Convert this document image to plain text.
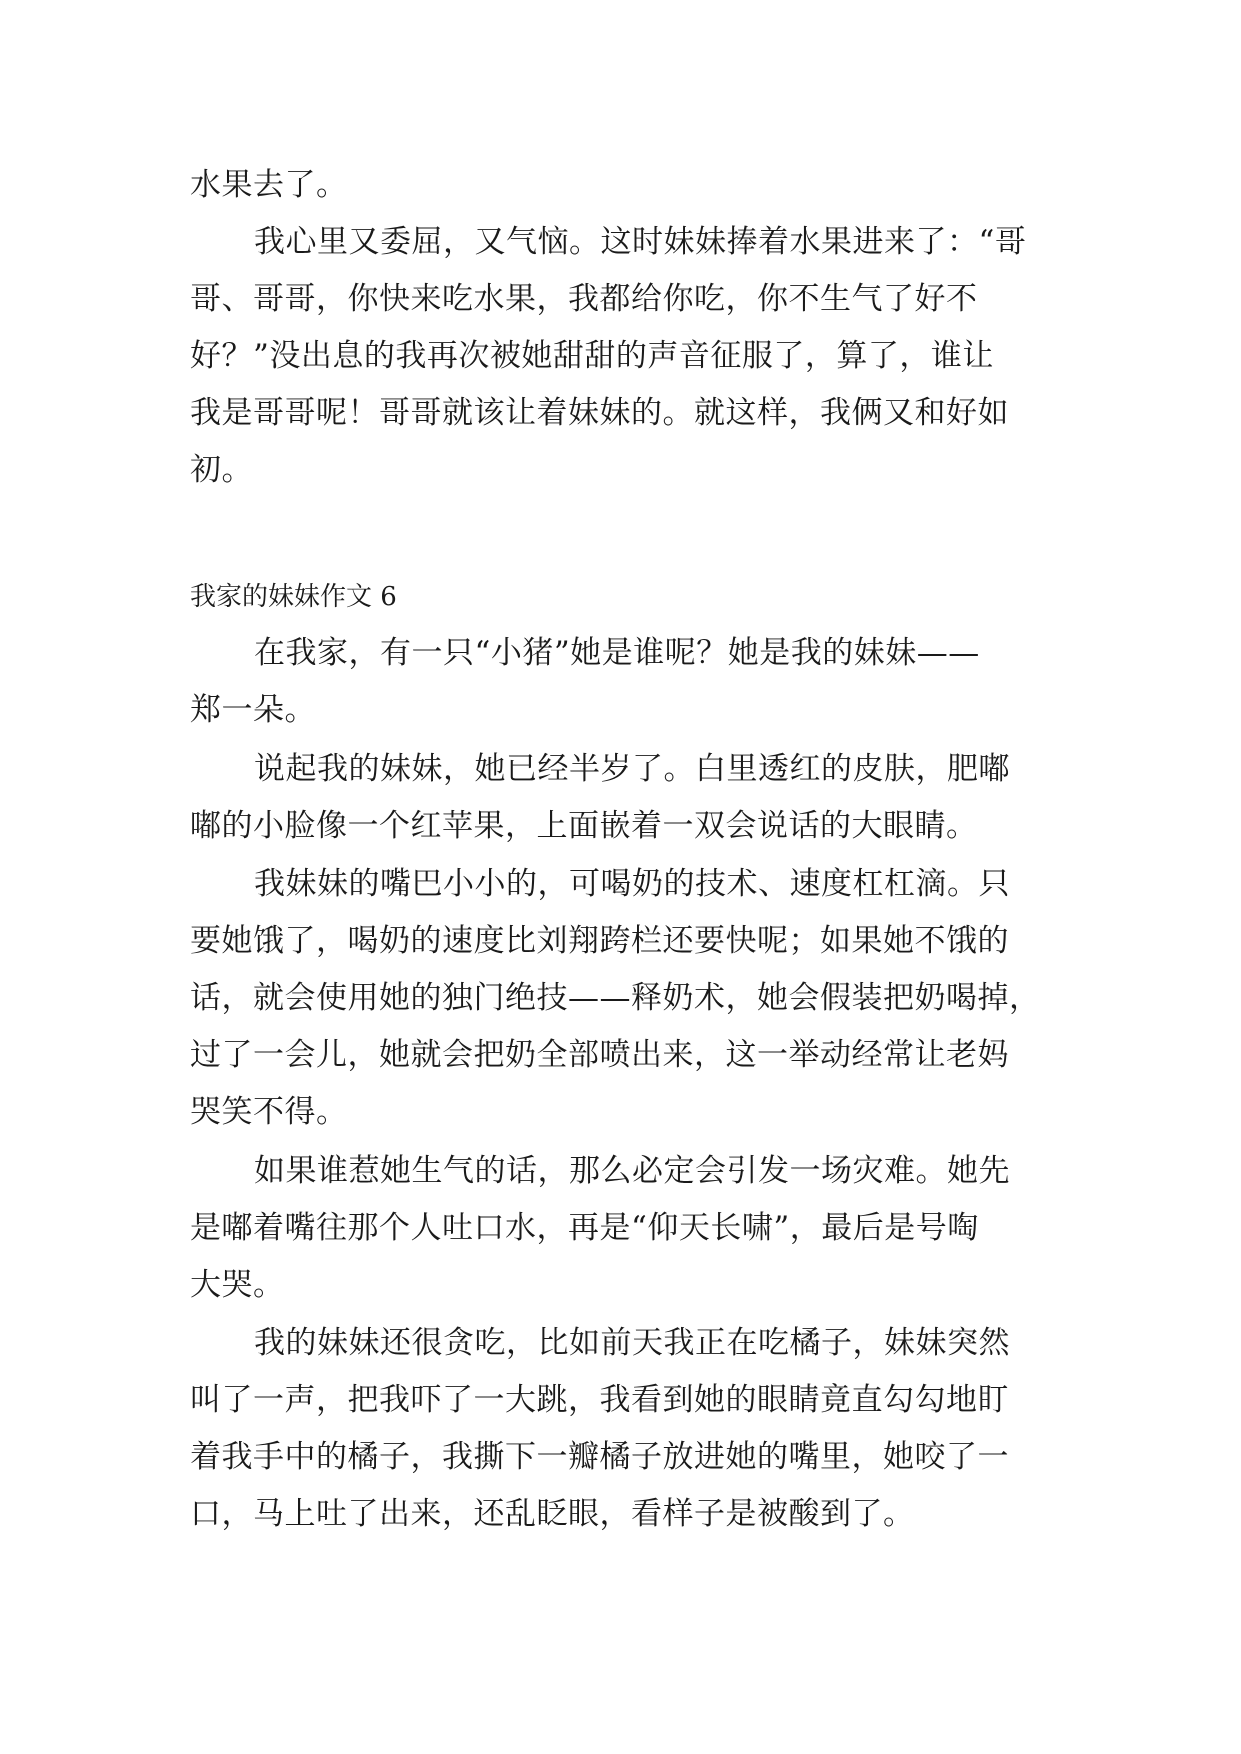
水果去了。
我心里又委屈，又气恼。这时妹妹捧着水果进来了：“哥
哥、哥哥，你快来吃水果，我都给你吃，你不生气了好不
好？”没出息的我再次被她甜甜的声音征服了，算了，谁让
我是哥哥呢！哥哥就该让着妹妹的。就这样，我俩又和好如
初。
我家的妹妹作文 6
在我家，有一只“小猪”她是谁呢？她是我的妹妹——
郑一朵。
说起我的妹妹，她已经半岁了。白里透红的皮肤，肥嘟
嘟的小脸像一个红苹果，上面嵌着一双会说话的大眼睛。
我妹妹的嘴巴小小的，可喝奶的技术、速度杠杠滴。只
要她饿了，喝奶的速度比刘翔跨栏还要快呢；如果她不饿的
话，就会使用她的独门绝技——释奶术，她会假装把奶喝掉，
过了一会儿，她就会把奶全部喷出来，这一举动经常让老妈
哭笑不得。
如果谁惹她生气的话，那么必定会引发一场灾难。她先
是嘟着嘴往那个人吐口水，再是“仰天长啸”，最后是号啕
大哭。
我的妹妹还很贪吃，比如前天我正在吃橘子，妹妹突然
叫了一声，把我吓了一大跳，我看到她的眼睛竟直勾勾地盯
着我手中的橘子，我撕下一瓣橘子放进她的嘴里，她咬了一
口，马上吐了出来，还乱眨眼，看样子是被酸到了。
